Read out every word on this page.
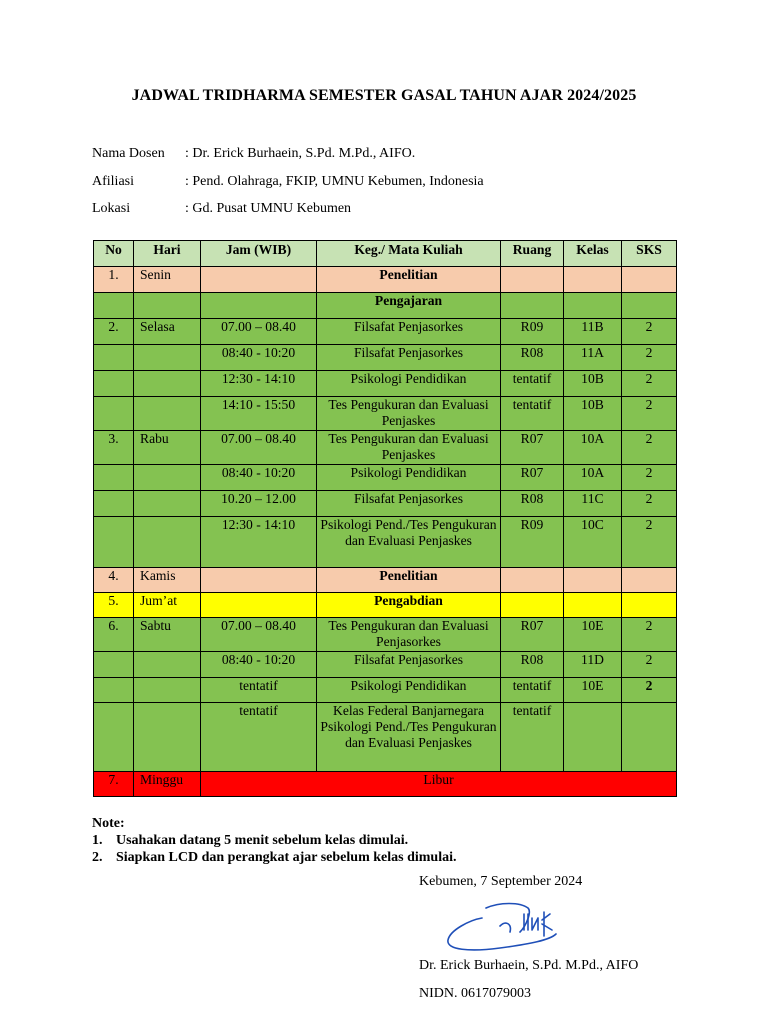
JADWAL TRIDHARMA SEMESTER GASAL TAHUN AJAR 2024/2025
Nama Dosen	: Dr. Erick Burhaein, S.Pd. M.Pd., AIFO.
Afiliasi	: Pend. Olahraga, FKIP, UMNU Kebumen, Indonesia
Lokasi	: Gd. Pusat UMNU Kebumen
No	Hari	Jam (WIB)	Keg./ Mata Kuliah	Ruang	Kelas	SKS
1.	Senin		Penelitian			
			Pengajaran			
2.	Selasa	07.00 – 08.40	Filsafat Penjasorkes	R09	11B	2
		08:40 - 10:20	Filsafat Penjasorkes	R08	11A	2
		12:30 - 14:10	Psikologi Pendidikan	tentatif	10B	2
		14:10 - 15:50	Tes Pengukuran dan Evaluasi Penjaskes	tentatif	10B	2
3.	Rabu	07.00 – 08.40	Tes Pengukuran dan Evaluasi Penjaskes	R07	10A	2
		08:40 - 10:20	Psikologi Pendidikan	R07	10A	2
		10.20 – 12.00	Filsafat Penjasorkes	R08	11C	2
		12:30 - 14:10	Psikologi Pend./Tes Pengukuran dan Evaluasi Penjaskes	R09	10C	2
4.	Kamis		Penelitian			
5.	Jum’at		Pengabdian			
6.	Sabtu	07.00 – 08.40	Tes Pengukuran dan Evaluasi Penjasorkes	R07	10E	2
		08:40 - 10:20	Filsafat Penjasorkes	R08	11D	2
		tentatif	Psikologi Pendidikan	tentatif	10E	2
		tentatif	Kelas Federal Banjarnegara Psikologi Pend./Tes Pengukuran dan Evaluasi Penjaskes	tentatif		
7.	Minggu	Libur				
Note:
1. Usahakan datang 5 menit sebelum kelas dimulai.
2. Siapkan LCD dan perangkat ajar sebelum kelas dimulai.
Kebumen, 7 September 2024
Dr. Erick Burhaein, S.Pd. M.Pd., AIFO
NIDN. 0617079003
